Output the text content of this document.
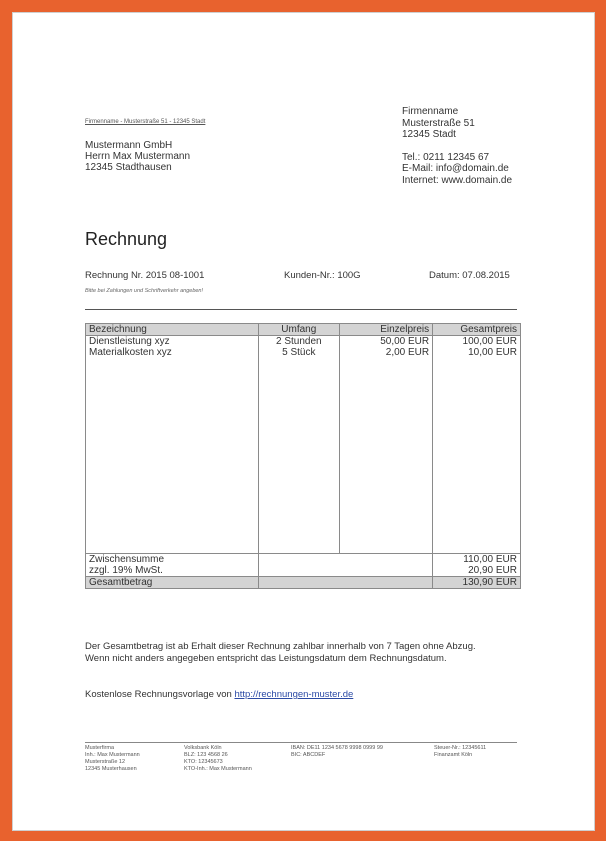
Firmenname - Musterstraße 51 - 12345 Stadt
Mustermann GmbH
Herrn Max Mustermann
12345 Stadthausen
Firmenname
Musterstraße 51
12345 Stadt
Tel.: 0211 12345 67
E-Mail: info@domain.de
Internet: www.domain.de
Rechnung
Rechnung Nr. 2015 08-1001	Kunden-Nr.: 100G	Datum: 07.08.2015
Bitte bei Zahlungen und Schriftverkehr angeben!
Bezeichnung	Umfang	Einzelpreis	Gesamtpreis
Dienstleistung xyz	2 Stunden	50,00 EUR	100,00 EUR
Materialkosten xyz	5 Stück	2,00 EUR	10,00 EUR

Zwischensumme			110,00 EUR
zzgl. 19% MwSt.			20,90 EUR
Gesamtbetrag			130,90 EUR
Der Gesamtbetrag ist ab Erhalt dieser Rechnung zahlbar innerhalb von 7 Tagen ohne Abzug.
Wenn nicht anders angegeben entspricht das Leistungsdatum dem Rechnungsdatum.
Kostenlose Rechnungsvorlage von http://rechnungen-muster.de
Musterfirma
Inh.: Max Mustermann
Musterstraße 12
12345 Musterhausen
Volksbank Köln
BLZ: 123 4568 26
KTO: 12345673
KTO-Inh.: Max Mustermann
IBAN: DE11 1234 5678 9998 0999 99
BIC: ABCDEF
Steuer-Nr.: 12345611
Finanzamt Köln
